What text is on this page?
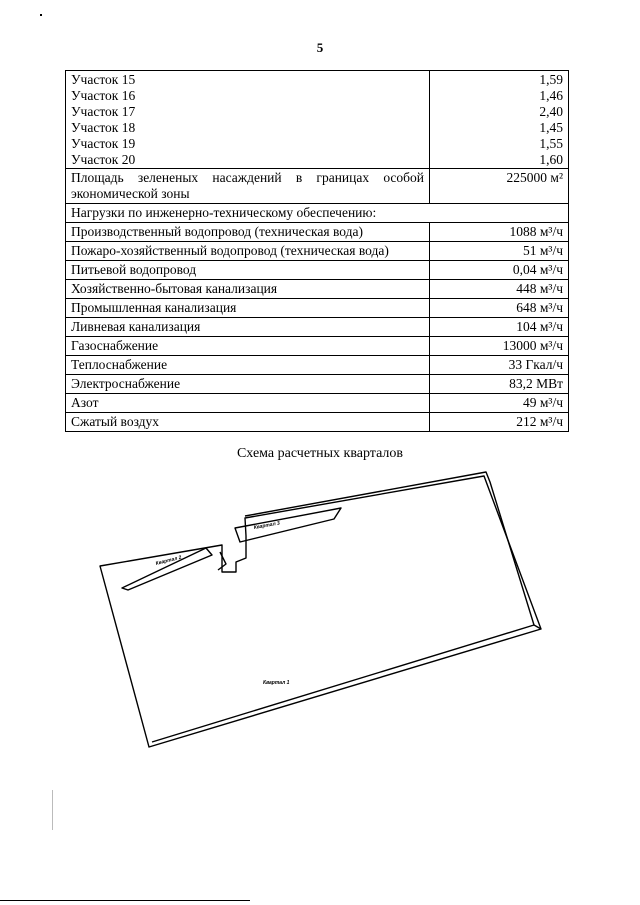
5
Участок 15	1,59
Участок 16	1,46
Участок 17	2,40
Участок 18	1,45
Участок 19	1,55
Участок 20	1,60
Площадь зелененых насаждений в границах особой экономической зоны	225000 м²
Нагрузки по инженерно-техническому обеспечению:	
Производственный водопровод (техническая вода)	1088 м³/ч
Пожаро-хозяйственный водопровод (техническая вода)	51 м³/ч
Питьевой водопровод	0,04 м³/ч
Хозяйственно-бытовая канализация	448 м³/ч
Промышленная канализация	648 м³/ч
Ливневая канализация	104 м³/ч
Газоснабжение	13000 м³/ч
Теплоснабжение	33 Гкал/ч
Электроснабжение	83,2 МВт
Азот	49 м³/ч
Сжатый воздух	212 м³/ч
Схема расчетных кварталов
Квартал 1
Квартал 2
Квартал 3
